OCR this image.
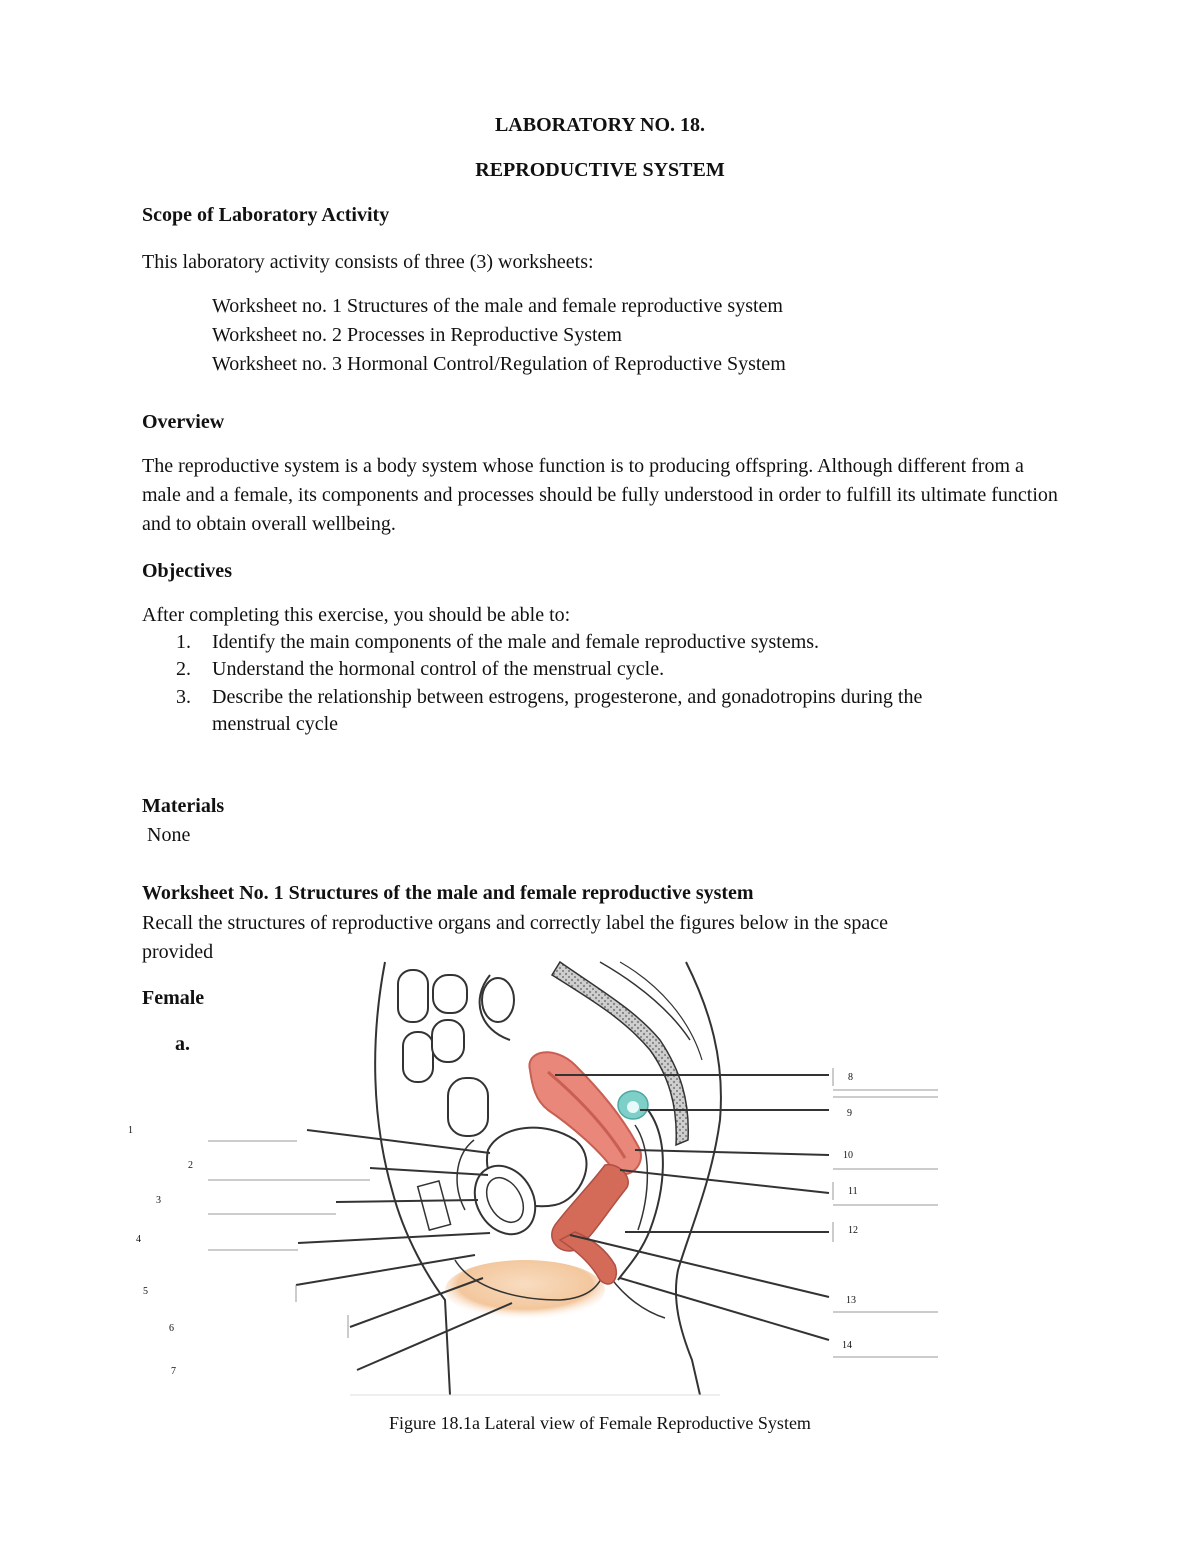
LABORATORY NO. 18.
REPRODUCTIVE SYSTEM
Scope of Laboratory Activity
This laboratory activity consists of three (3) worksheets:
Worksheet no. 1 Structures of the male and female reproductive system
Worksheet no. 2 Processes in Reproductive System
Worksheet no. 3 Hormonal Control/Regulation of Reproductive System
Overview
The reproductive system is a body system whose function is to producing offspring. Although different from a male and a female, its components and processes should be fully understood in order to fulfill its ultimate function and to obtain overall wellbeing.
Objectives
After completing this exercise, you should be able to:
1. Identify the main components of the male and female reproductive systems.
2. Understand the hormonal control of the menstrual cycle.
3. Describe the relationship between estrogens, progesterone, and gonadotropins during the
menstrual cycle
Materials
None
Worksheet No. 1 Structures of the male and female reproductive system
Recall the structures of reproductive organs and correctly label the figures below in the space
provided
Female
a.
1
2
3
4
5
6
7
8
9
10
11
12
13
14
Figure 18.1a Lateral view of Female Reproductive System
